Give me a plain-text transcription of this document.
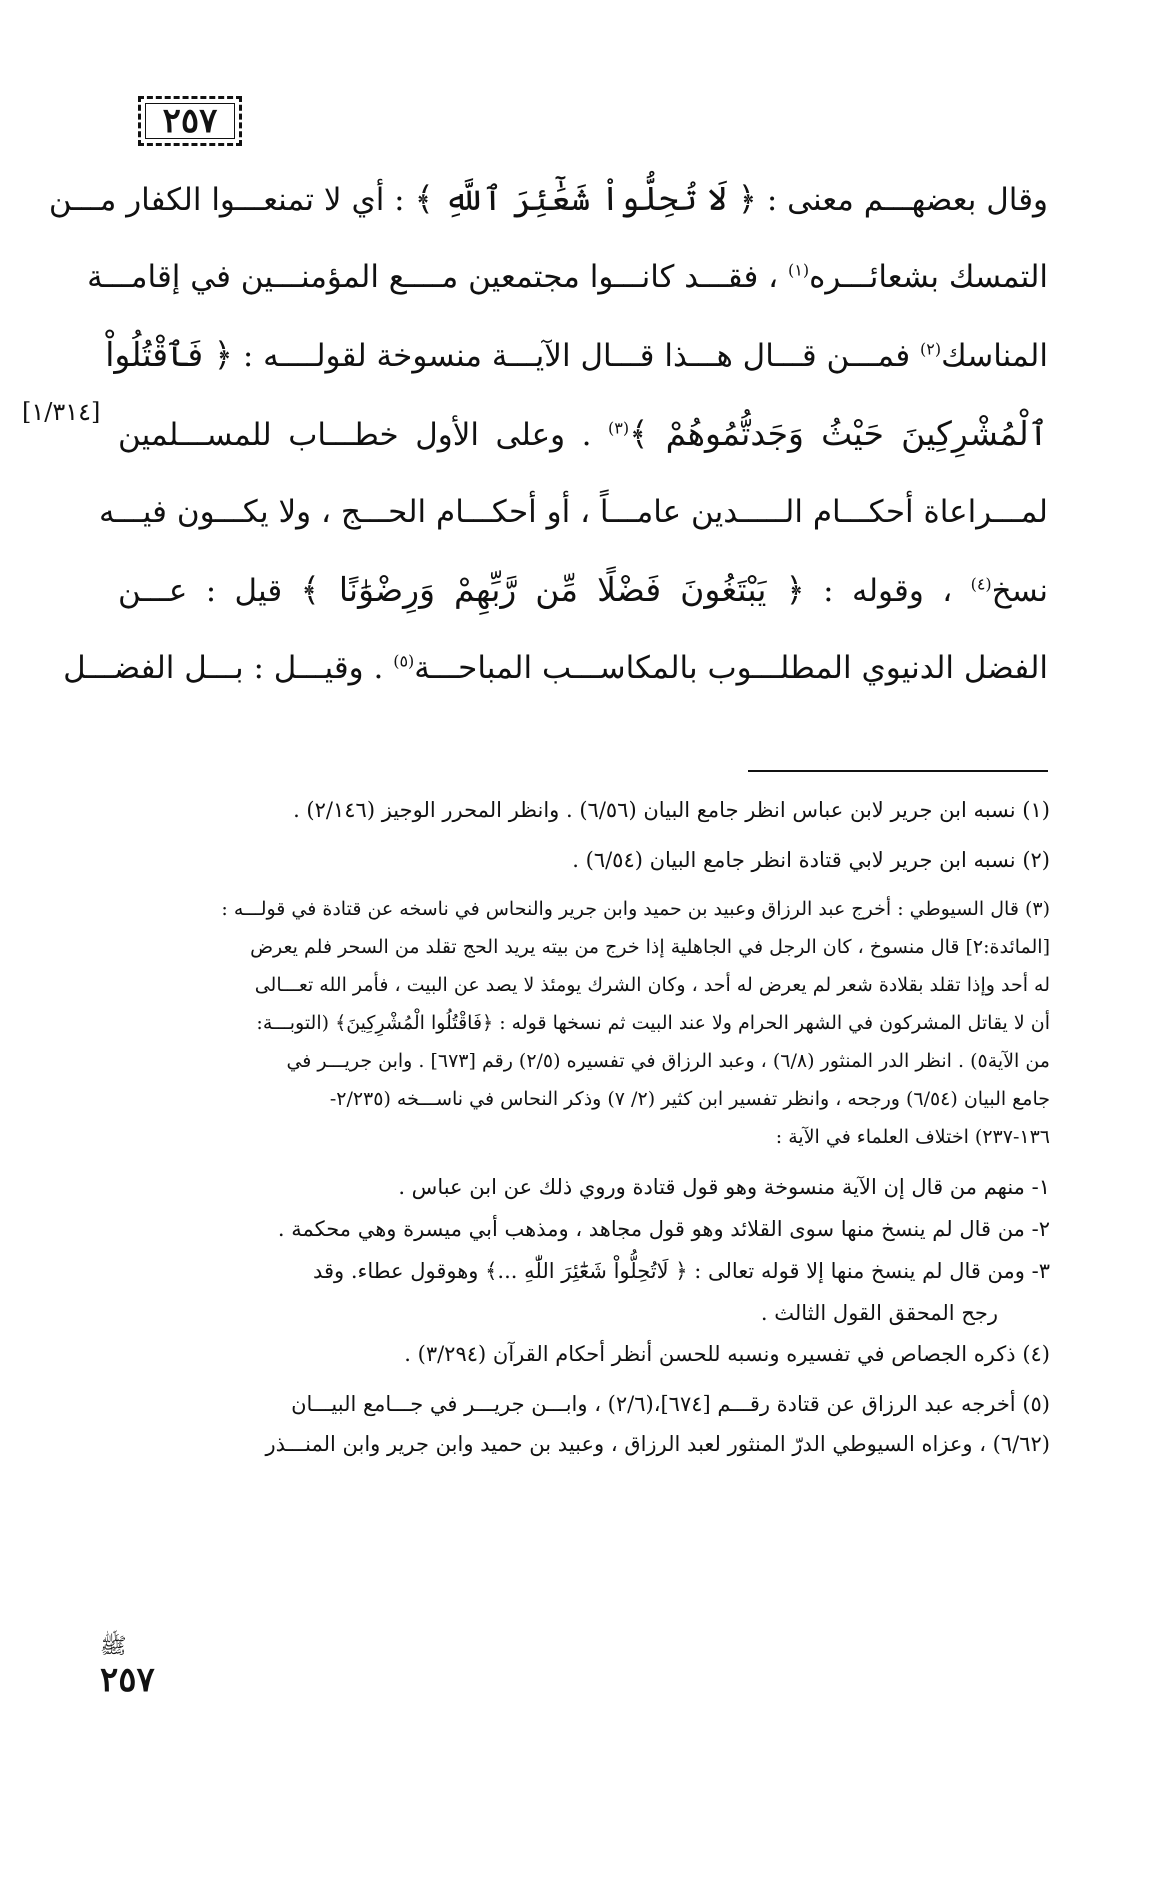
٢٥٧
[١/٣١٤]
وقال بعضهـــم معنى : ﴿ لَا تُحِلُّواْ شَعَٰٓئِرَ ٱللَّهِ ﴾ : أي لا تمنعـــوا الكفار مـــن
التمسك بشعائـــره$^{(١)}$ ، فقـــد كانـــوا مجتمعين مــــع المؤمنـــين في إقامـــة
المناسك$^{(٢)}$ فمـــن قـــال هـــذا قـــال الآيـــة منسوخة لقولــــه : ﴿ فَٱقْتُلُواْ
ٱلْمُشْرِكِينَ حَيْثُ وَجَدتُّمُوهُمْ ﴾$^{(٣)}$ . وعلى الأول خطـــاب للمســـلمين
لمـــراعاة أحكـــام الـــــدين عامـــاً ، أو أحكـــام الحـــج ، ولا يكـــون فيـــه
نسخ$^{(٤)}$ ، وقوله : ﴿ يَبْتَغُونَ فَضْلًا مِّن رَّبِّهِمْ وَرِضْوَٰنًا ﴾ قيل : عـــن
الفضل الدنيوي المطلـــوب بالمكاســـب المباحـــة$^{(٥)}$ . وقيـــل : بـــل الفضـــل
(١) نسبه ابن جرير لابن عباس انظر جامع البيان (٦/٥٦) . وانظر المحرر الوجيز (٢/١٤٦) .
(٢) نسبه ابن جرير لابي قتادة انظر جامع البيان (٦/٥٤) .
(٣) قال السيوطي : أخرج عبد الرزاق وعبيد بن حميد وابن جرير والنحاس في ناسخه عن قتادة في قولـــه :
[المائدة:٢] قال منسوخ ، كان الرجل في الجاهلية إذا خرج من بيته يريد الحج تقلد من السحر فلم يعرض
له أحد وإذا تقلد بقلادة شعر لم يعرض له أحد ، وكان الشرك يومئذ لا يصد عن البيت ، فأمر الله تعـــالى
أن لا يقاتل المشركون في الشهر الحرام ولا عند البيت ثم نسخها قوله : ﴿فَاقْتُلُوا الْمُشْرِكِينَ﴾ (التوبـــة:
من الآية٥) . انظر الدر المنثور (٦/٨) ، وعبد الرزاق في تفسيره (٢/٥) رقم [٦٧٣] . وابن جريـــر في
جامع البيان (٦/٥٤) ورجحه ، وانظر تفسير ابن كثير (٢/ ٧) وذكر النحاس في ناســـخه (٢/٢٣٥-
١٣٦-٢٣٧) اختلاف العلماء في الآية :
١- منهم من قال إن الآية منسوخة وهو قول قتادة وروي ذلك عن ابن عباس .
٢- من قال لم ينسخ منها سوى القلائد وهو قول مجاهد ، ومذهب أبي ميسرة وهي محكمة .
٣- ومن قال لم ينسخ منها إلا قوله تعالى : ﴿ لَاتُحِلُّواْ شَعَٰٓئِرَ اللّٰهِ ...﴾ وهوقول عطاء. وقد
رجح المحقق القول الثالث .
(٤) ذكره الجصاص في تفسيره ونسبه للحسن أنظر أحكام القرآن (٣/٢٩٤) .
(٥) أخرجه عبد الرزاق عن قتادة رقـــم [٦٧٤]،(٢/٦) ، وابـــن جريـــر في جـــامع البيـــان
(٦/٦٢) ، وعزاه السيوطي الدرّ المنثور لعبد الرزاق ، وعبيد بن حميد وابن جرير وابن المنـــذر
ﷺ
٢٥٧
